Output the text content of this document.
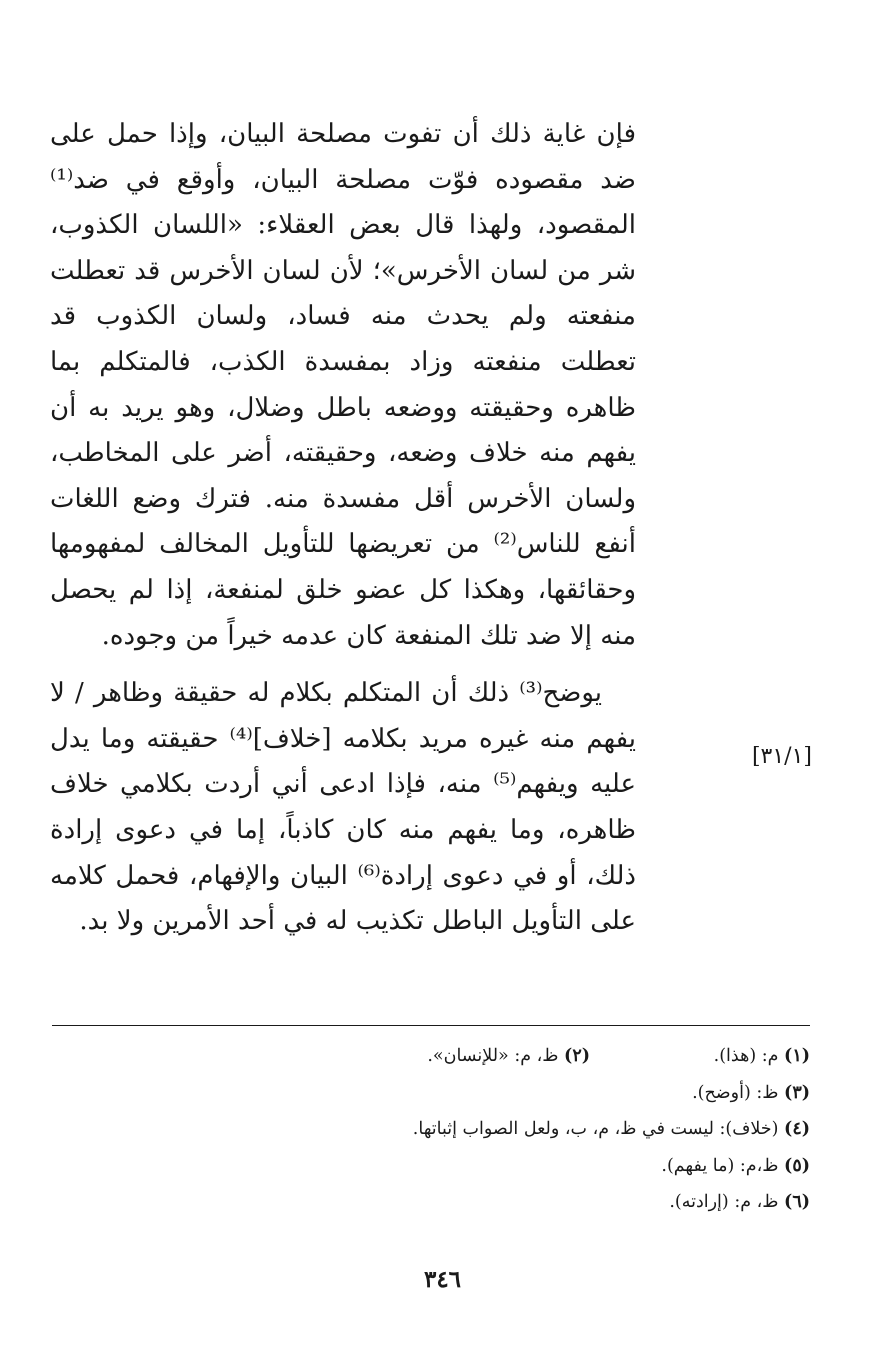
فإن غاية ذلك أن تفوت مصلحة البيان، وإذا حمل على ضد مقصوده فوّت مصلحة البيان، وأوقع في ضد⁽¹⁾ المقصود، ولهذا قال بعض العقلاء: «اللسان الكذوب، شر من لسان الأخرس»؛ لأن لسان الأخرس قد تعطلت منفعته ولم يحدث منه فساد، ولسان الكذوب قد تعطلت منفعته وزاد بمفسدة الكذب، فالمتكلم بما ظاهره وحقيقته ووضعه باطل وضلال، وهو يريد به أن يفهم منه خلاف وضعه، وحقيقته، أضر على المخاطب، ولسان الأخرس أقل مفسدة منه. فترك وضع اللغات أنفع للناس⁽²⁾ من تعريضها للتأويل المخالف لمفهومها وحقائقها، وهكذا كل عضو خلق لمنفعة، إذا لم يحصل منه إلا ضد تلك المنفعة كان عدمه خيراً من وجوده.

يوضح⁽³⁾ ذلك أن المتكلم بكلام له حقيقة وظاهر / لا يفهم منه غيره مريد بكلامه [خلاف]⁽⁴⁾ حقيقته وما يدل عليه ويفهم⁽⁵⁾ منه، فإذا ادعى أني أردت بكلامي خلاف ظاهره، وما يفهم منه كان كاذباً، إما في دعوى إرادة ذلك، أو في دعوى إرادة⁽⁶⁾ البيان والإفهام، فحمل كلامه على التأويل الباطل تكذيب له في أحد الأمرين ولا بد.

[٣١/١]
(١) م: (هذا).
(٢) ظ، م: «للإنسان».
(٣)

ظ: (أوضح).
(٤)

(خلاف): ليست في ظ، م، ب، ولعل الصواب إثباتها.
(٥)

ظ،م: (ما يفهم).
(٦)

ظ، م: (إرادته).
٣٤٦
